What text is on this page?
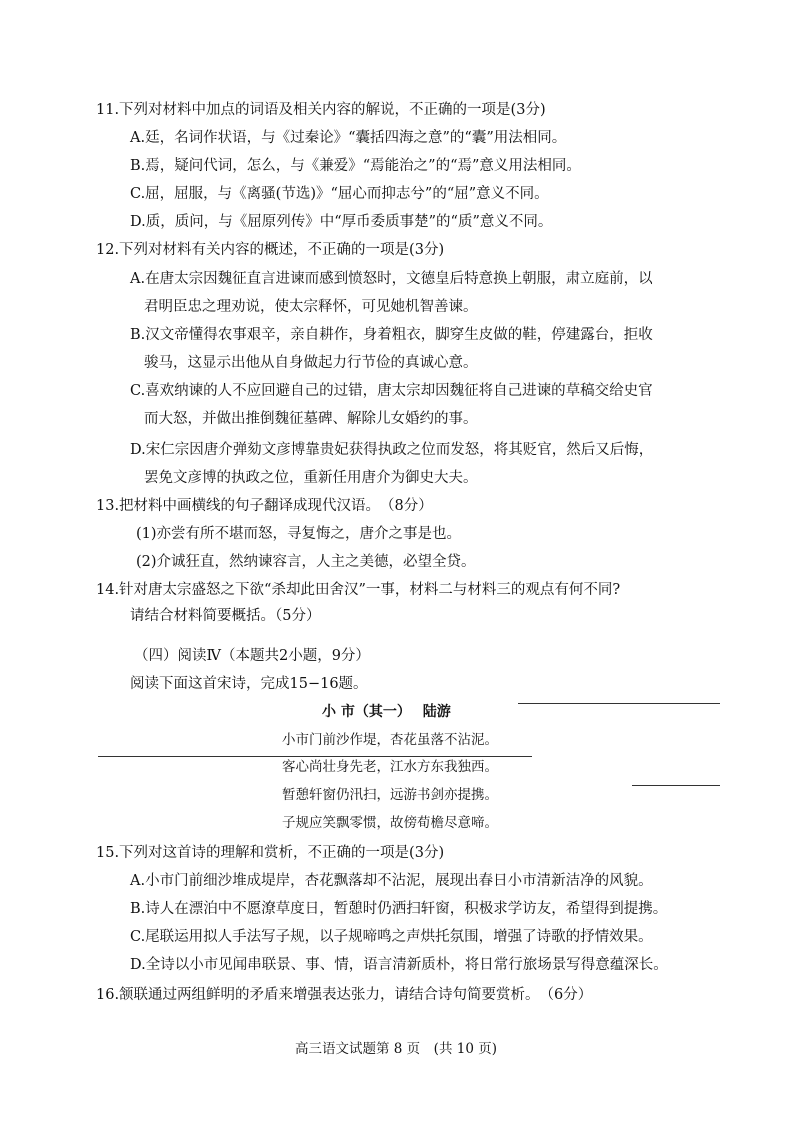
11.下列对材料中加点的词语及相关内容的解说，不正确的一项是(3分)
A.廷，名词作状语，与《过秦论》“囊括四海之意”的“囊”用法相同。
B.焉，疑问代词，怎么，与《兼爱》“焉能治之”的“焉”意义用法相同。
C.屈，屈服，与《离骚(节选)》“屈心而抑志兮”的“屈”意义不同。
D.质，质问，与《屈原列传》中“厚币委质事楚”的“质”意义不同。
12.下列对材料有关内容的概述，不正确的一项是(3分)
A.在唐太宗因魏征直言进谏而感到愤怒时，文德皇后特意换上朝服，肃立庭前，以
君明臣忠之理劝说，使太宗释怀，可见她机智善谏。
B.汉文帝懂得农事艰辛，亲自耕作，身着粗衣，脚穿生皮做的鞋，停建露台，拒收
骏马，这显示出他从自身做起力行节俭的真诚心意。
C.喜欢纳谏的人不应回避自己的过错，唐太宗却因魏征将自己进谏的草稿交给史官
而大怒，并做出推倒魏征墓碑、解除儿女婚约的事。
D.宋仁宗因唐介弹劾文彦博靠贵妃获得执政之位而发怒，将其贬官，然后又后悔，
罢免文彦博的执政之位，重新任用唐介为御史大夫。
13.把材料中画横线的句子翻译成现代汉语。　（8分）
(1)亦尝有所不堪而怒，寻复悔之，唐介之事是也。
(2)介诚狂直，然纳谏容言，人主之美德，必望全贷。
14.针对唐太宗盛怒之下欲“杀却此田舍汉”一事，材料二与材料三的观点有何不同?
请结合材料简要概括。（5分）
（四）阅读Ⅳ（本题共2小题，9分）
阅读下面这首宋诗，完成15−16题。
小 市（其一）　 陆游
小市门前沙作堤，杏花虽落不沾泥。
客心尚壮身先老，江水方东我独西。
暂憩轩窗仍汛扫，远游书剑亦提携。
子规应笑飘零惯，故傍荀檐尽意啼。
15.下列对这首诗的理解和赏析，不正确的一项是(3分)
A.小市门前细沙堆成堤岸，杏花飘落却不沾泥，展现出春日小市清新洁净的风貌。
B.诗人在漂泊中不愿潦草度日，暂憩时仍洒扫轩窗，积极求学访友，希望得到提携。
C.尾联运用拟人手法写子规，以子规啼鸣之声烘托氛围，增强了诗歌的抒情效果。
D.全诗以小市见闻串联景、事、情，语言清新质朴，将日常行旅场景写得意蕴深长。
16.颔联通过两组鲜明的矛盾来增强表达张力，请结合诗句简要赏析。　（6分）
高三语文试题第 8 页　(共 10 页)
